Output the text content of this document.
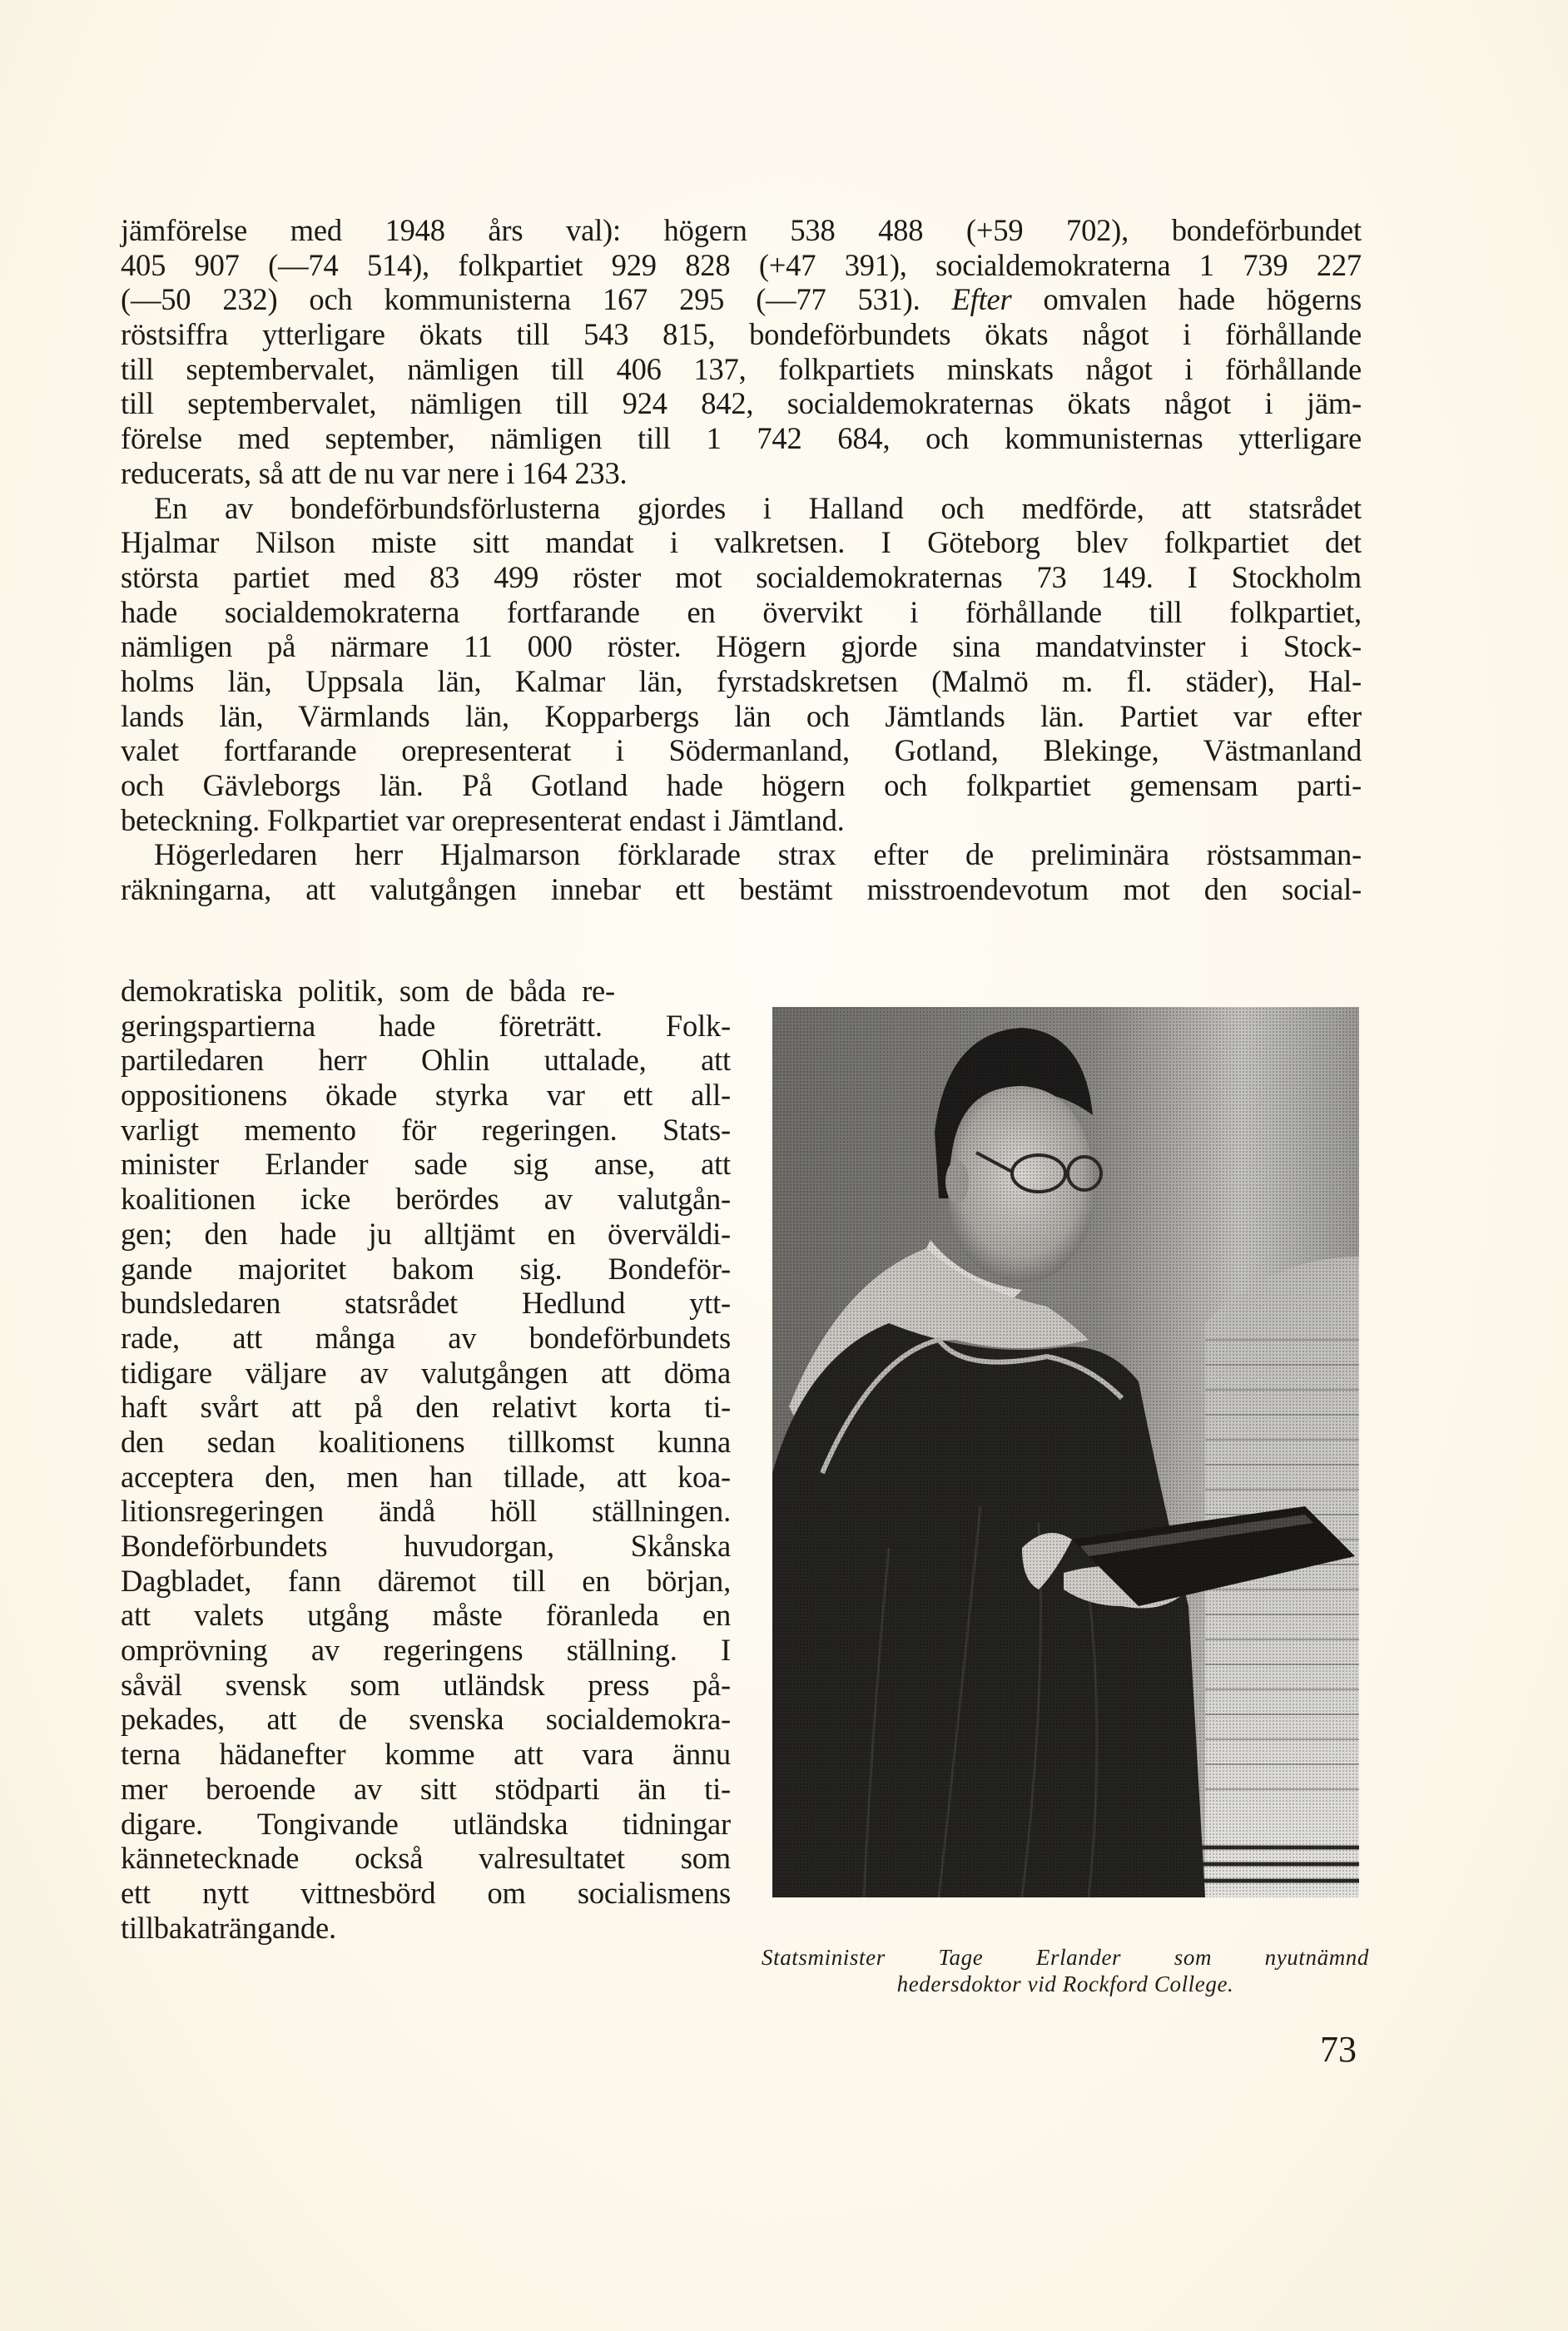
jämförelse med 1948 års val): högern 538 488 (+59 702), bondeförbundet
405 907 (—74 514), folkpartiet 929 828 (+47 391), socialdemokraterna 1 739 227
(—50 232) och kommunisterna 167 295 (—77 531). Efter omvalen hade högerns
röstsiffra ytterligare ökats till 543 815, bondeförbundets ökats något i förhållande
till septembervalet, nämligen till 406 137, folkpartiets minskats något i förhållande
till septembervalet, nämligen till 924 842, socialdemokraternas ökats något i jäm-
förelse med september, nämligen till 1 742 684, och kommunisternas ytterligare
reducerats, så att de nu var nere i 164 233.
En av bondeförbundsförlusterna gjordes i Halland och medförde, att statsrådet
Hjalmar Nilson miste sitt mandat i valkretsen. I Göteborg blev folkpartiet det
största partiet med 83 499 röster mot socialdemokraternas 73 149. I Stockholm
hade socialdemokraterna fortfarande en övervikt i förhållande till folkpartiet,
nämligen på närmare 11 000 röster. Högern gjorde sina mandatvinster i Stock-
holms län, Uppsala län, Kalmar län, fyrstadskretsen (Malmö m. fl. städer), Hal-
lands län, Värmlands län, Kopparbergs län och Jämtlands län. Partiet var efter
valet fortfarande orepresenterat i Södermanland, Gotland, Blekinge, Västmanland
och Gävleborgs län. På Gotland hade högern och folkpartiet gemensam parti-
beteckning. Folkpartiet var orepresenterat endast i Jämtland.
Högerledaren herr Hjalmarson förklarade strax efter de preliminära röstsamman-
räkningarna, att valutgången innebar ett bestämt misstroendevotum mot den social-
demokratiska politik, som de båda re-
geringspartierna hade företrätt. Folk-
partiledaren herr Ohlin uttalade, att
oppositionens ökade styrka var ett all-
varligt memento för regeringen. Stats-
minister Erlander sade sig anse, att
koalitionen icke berördes av valutgån-
gen; den hade ju alltjämt en överväldi-
gande majoritet bakom sig. Bondeför-
bundsledaren statsrådet Hedlund ytt-
rade, att många av bondeförbundets
tidigare väljare av valutgången att döma
haft svårt att på den relativt korta ti-
den sedan koalitionens tillkomst kunna
acceptera den, men han tillade, att koa-
litionsregeringen ändå höll ställningen.
Bondeförbundets huvudorgan, Skånska
Dagbladet, fann däremot till en början,
att valets utgång måste föranleda en
omprövning av regeringens ställning. I
såväl svensk som utländsk press på-
pekades, att de svenska socialdemokra-
terna hädanefter komme att vara ännu
mer beroende av sitt stödparti än ti-
digare. Tongivande utländska tidningar
kännetecknade också valresultatet som
ett nytt vittnesbörd om socialismens
tillbakaträngande.
Statsminister Tage Erlander som nyutnämnd
hedersdoktor vid Rockford College.
73
